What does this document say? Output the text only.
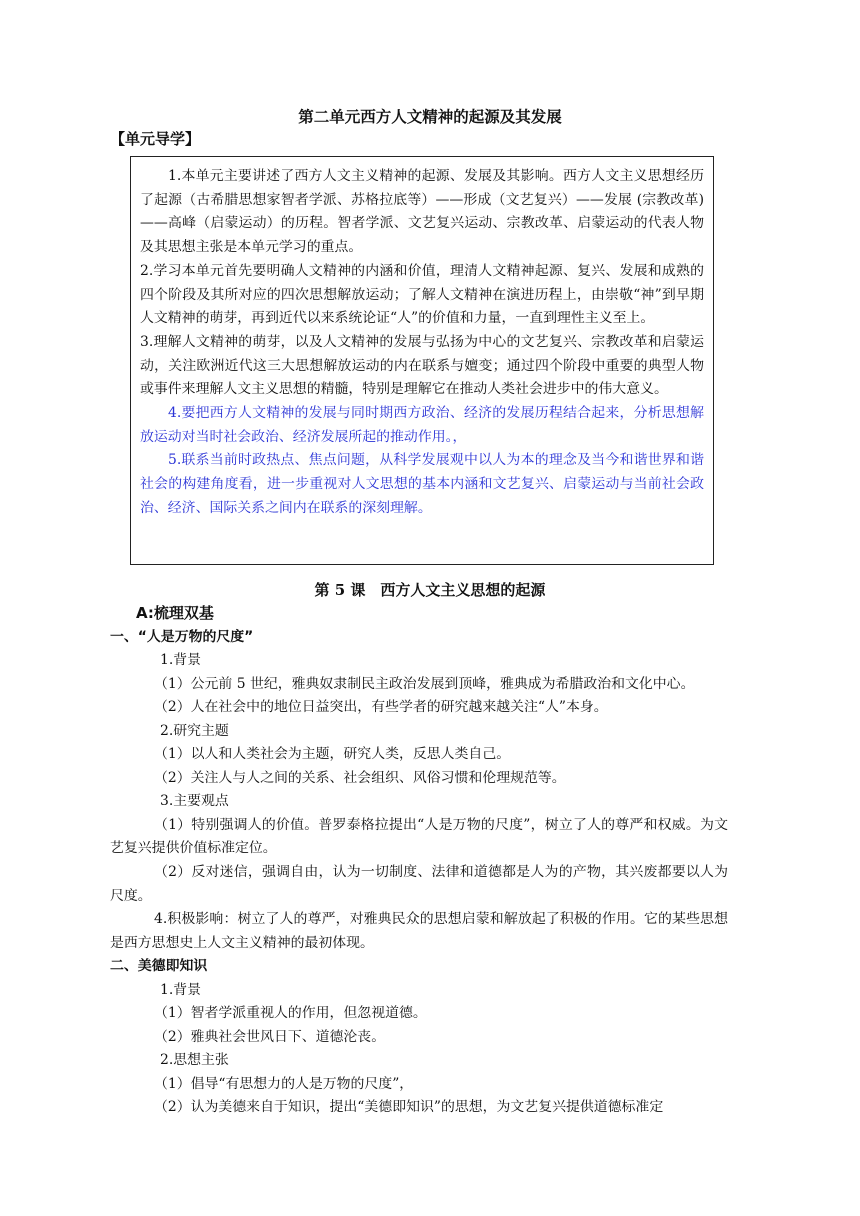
第二单元西方人文精神的起源及其发展
【单元导学】

1.本单元主要讲述了西方人文主义精神的起源、发展及其影响。西方人文主义思想经历了起源（古希腊思想家智者学派、苏格拉底等）——形成（文艺复兴）——发展 (宗教改革)　——高峰（启蒙运动）的历程。智者学派、文艺复兴运动、宗教改革、启蒙运动的代表人物及其思想主张是本单元学习的重点。

2.学习本单元首先要明确人文精神的内涵和价值，理清人文精神起源、复兴、发展和成熟的四个阶段及其所对应的四次思想解放运动；了解人文精神在演进历程上，由崇敬“神”到早期人文精神的萌芽，再到近代以来系统论证“人”的价值和力量，一直到理性主义至上。

3.理解人文精神的萌芽，以及人文精神的发展与弘扬为中心的文艺复兴、宗教改革和启蒙运动，关注欧洲近代这三大思想解放运动的内在联系与嬗变；通过四个阶段中重要的典型人物或事件来理解人文主义思想的精髓，特别是理解它在推动人类社会进步中的伟大意义。

4.要把西方人文精神的发展与同时期西方政治、经济的发展历程结合起来，分析思想解放运动对当时社会政治、经济发展所起的推动作用。，

5.联系当前时政热点、焦点问题，从科学发展观中以人为本的理念及当今和谐世界和谐社会的构建角度看，进一步重视对人文思想的基本内涵和文艺复兴、启蒙运动与当前社会政治、经济、国际关系之间内在联系的深刻理解。

第 5 课　西方人文主义思想的起源

A:梳理双基

一、“人是万物的尺度”

1.背景

（1）公元前 5 世纪，雅典奴隶制民主政治发展到顶峰，雅典成为希腊政治和文化中心。

（2）人在社会中的地位日益突出，有些学者的研究越来越关注“人”本身。

2.研究主题

（1）以人和人类社会为主题，研究人类，反思人类自己。

（2）关注人与人之间的关系、社会组织、风俗习惯和伦理规范等。

3.主要观点

（1）特别强调人的价值。普罗泰格拉提出“人是万物的尺度”，树立了人的尊严和权威。为文艺复兴提供价值标准定位。

（2）反对迷信，强调自由，认为一切制度、法律和道德都是人为的产物，其兴废都要以人为尺度。

4.积极影响：树立了人的尊严，对雅典民众的思想启蒙和解放起了积极的作用。它的某些思想是西方思想史上人文主义精神的最初体现。

二、美德即知识

1.背景

（1）智者学派重视人的作用，但忽视道德。

（2）雅典社会世风日下、道德沦丧。

2.思想主张

（1）倡导“有思想力的人是万物的尺度”，

（2）认为美德来自于知识，提出“美德即知识”的思想，为文艺复兴提供道德标准定
